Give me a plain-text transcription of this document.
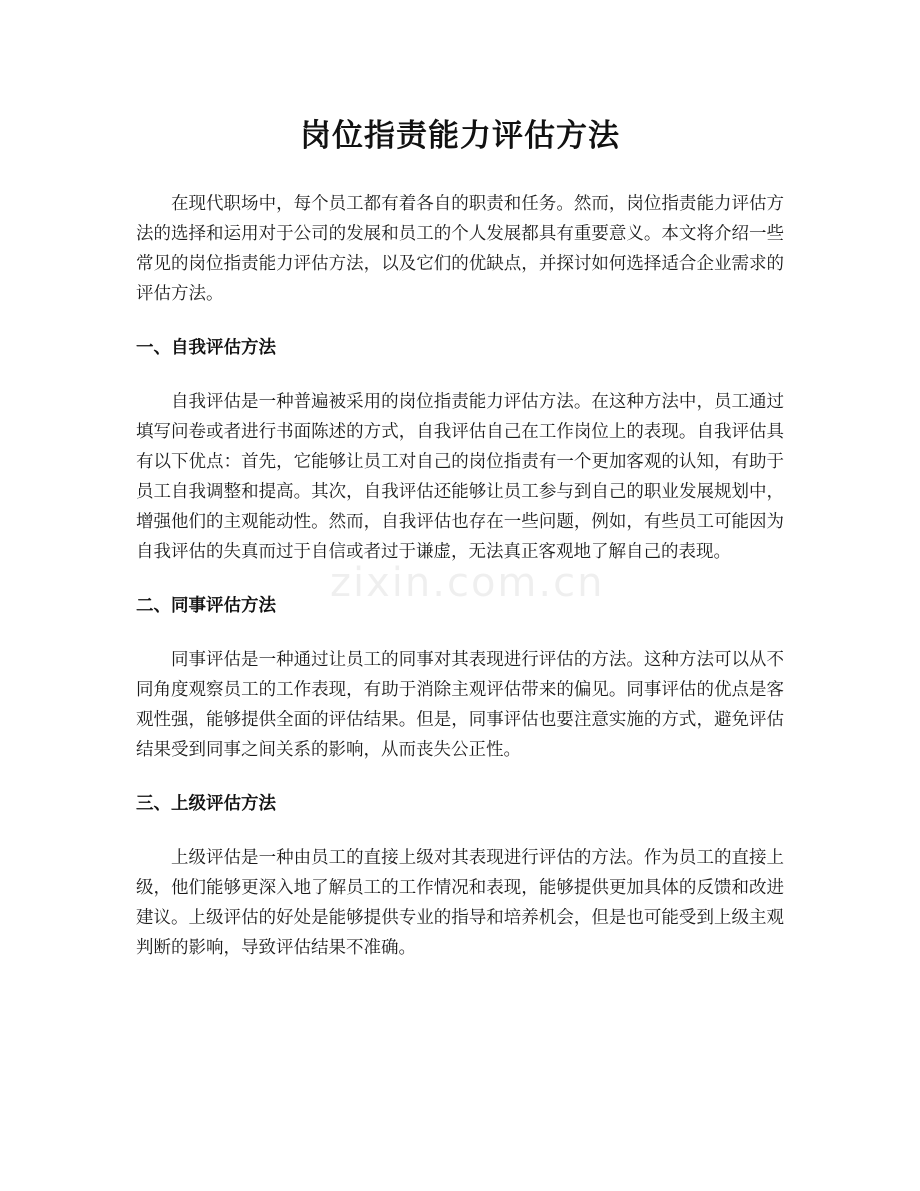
岗位指责能力评估方法

在现代职场中，每个员工都有着各自的职责和任务。然而，岗位指责能力评估方法的选择和运用对于公司的发展和员工的个人发展都具有重要意义。本文将介绍一些常见的岗位指责能力评估方法，以及它们的优缺点，并探讨如何选择适合企业需求的评估方法。

一、自我评估方法

自我评估是一种普遍被采用的岗位指责能力评估方法。在这种方法中，员工通过填写问卷或者进行书面陈述的方式，自我评估自己在工作岗位上的表现。自我评估具有以下优点：首先，它能够让员工对自己的岗位指责有一个更加客观的认知，有助于员工自我调整和提高。其次，自我评估还能够让员工参与到自己的职业发展规划中，增强他们的主观能动性。然而，自我评估也存在一些问题，例如，有些员工可能因为自我评估的失真而过于自信或者过于谦虚，无法真正客观地了解自己的表现。

二、同事评估方法

同事评估是一种通过让员工的同事对其表现进行评估的方法。这种方法可以从不同角度观察员工的工作表现，有助于消除主观评估带来的偏见。同事评估的优点是客观性强，能够提供全面的评估结果。但是，同事评估也要注意实施的方式，避免评估结果受到同事之间关系的影响，从而丧失公正性。

三、上级评估方法

上级评估是一种由员工的直接上级对其表现进行评估的方法。作为员工的直接上级，他们能够更深入地了解员工的工作情况和表现，能够提供更加具体的反馈和改进建议。上级评估的好处是能够提供专业的指导和培养机会，但是也可能受到上级主观判断的影响，导致评估结果不准确。

zixin.com.cn
